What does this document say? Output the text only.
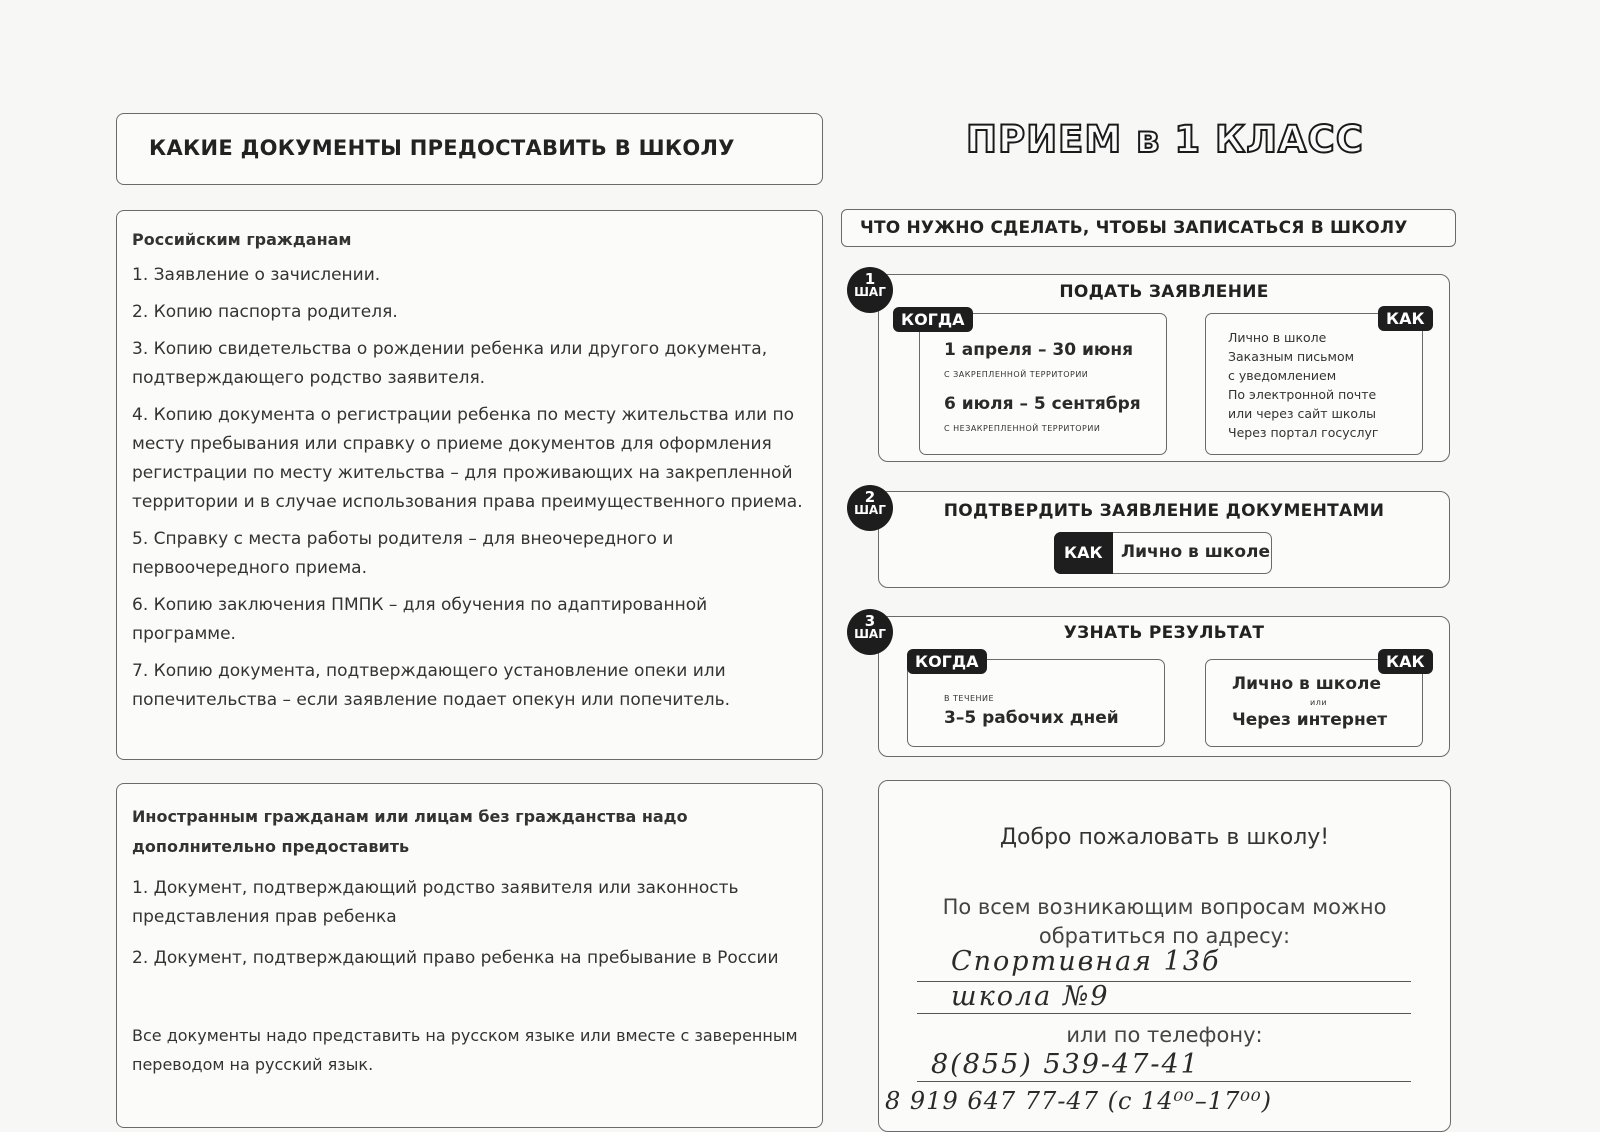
КАКИЕ ДОКУМЕНТЫ ПРЕДОСТАВИТЬ В ШКОЛУ
Российским гражданам
1. Заявление о зачислении.
2. Копию паспорта родителя.
3. Копию свидетельства о рождении ребенка или другого документа, подтверждающего родство заявителя.
4. Копию документа о регистрации ребенка по месту жительства или по месту пребывания или справку о приеме документов для оформления регистрации по месту жительства – для проживающих на закрепленной территории и в случае использования права преимущественного приема.
5. Справку с места работы родителя – для внеочередного и первоочередного приема.
6. Копию заключения ПМПК – для обучения по адаптированной программе.
7. Копию документа, подтверждающего установление опеки или попечительства – если заявление подает опекун или попечитель.
Иностранным гражданам или лицам без гражданства надо дополнительно предоставить
1. Документ, подтверждающий родство заявителя или законность представления прав ребенка
2. Документ, подтверждающий право ребенка на пребывание в России
Все документы надо представить на русском языке или вместе с заверенным переводом на русский язык.
ПРИЕМ в 1 КЛАСС
ЧТО НУЖНО СДЕЛАТЬ, ЧТОБЫ ЗАПИСАТЬСЯ В ШКОЛУ
ПОДАТЬ ЗАЯВЛЕНИЕ
1 апреля – 30 июня
С ЗАКРЕПЛЕННОЙ ТЕРРИТОРИИ
6 июля – 5 сентября
С НЕЗАКРЕПЛЕННОЙ ТЕРРИТОРИИ
КОГДА
Лично в школе
Заказным письмом
с уведомлением
По электронной почте
или через сайт школы
Через портал госуслуг
КАК
1
ШАГ
ПОДТВЕРДИТЬ ЗАЯВЛЕНИЕ ДОКУМЕНТАМИ
Лично в школе
КАК
2
ШАГ
УЗНАТЬ РЕЗУЛЬТАТ
В ТЕЧЕНИЕ
3–5 рабочих дней
КОГДА
Лично в школе
или
Через интернет
КАК
3
ШАГ
Добро пожаловать в школу!
По всем возникающим вопросам можно
обратиться по адресу:
Спортивная 13б
школа №9
или по телефону:
8(855) 539-47-41
8 919 647 77-47 (с 14⁰⁰–17⁰⁰)
